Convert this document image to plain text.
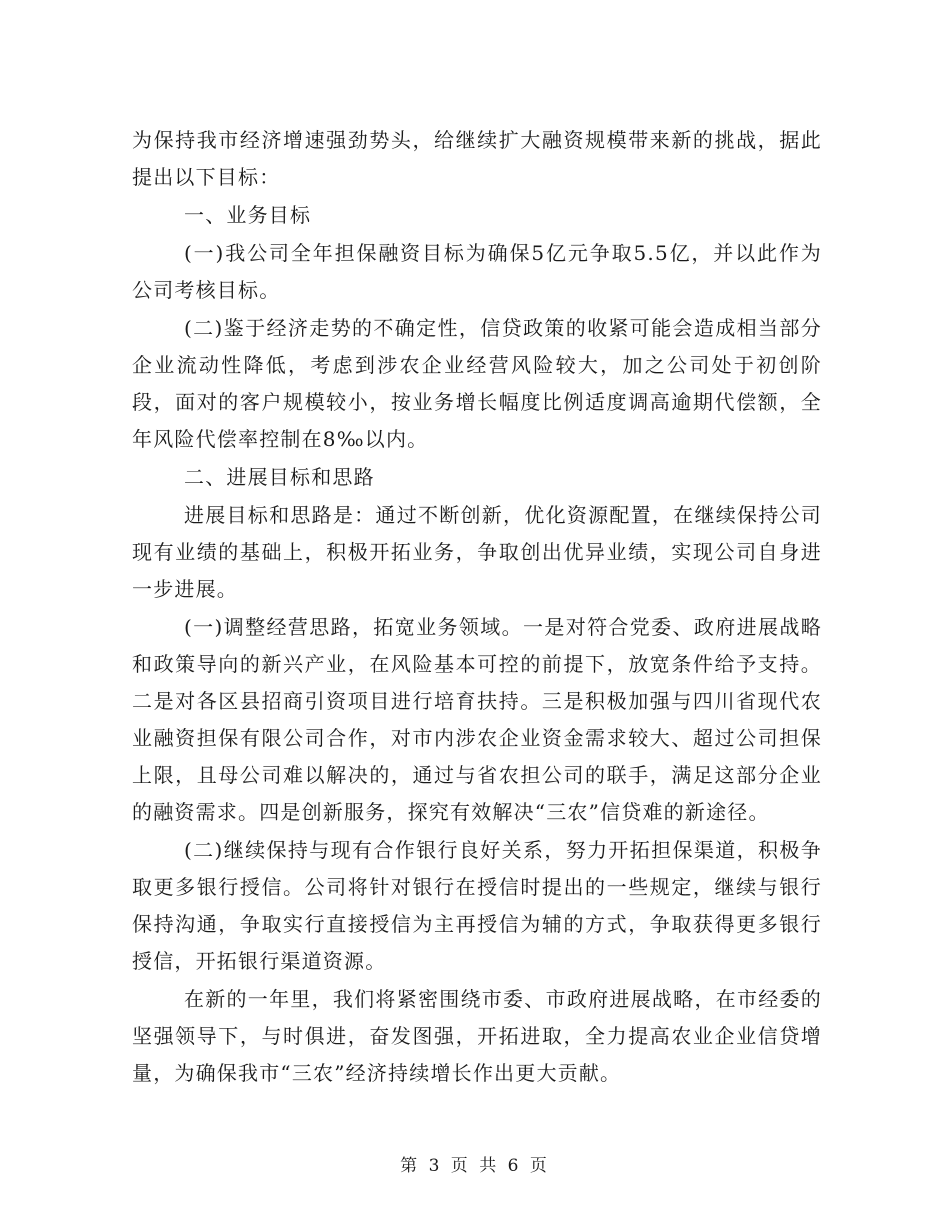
为保持我市经济增速强劲势头，给继续扩大融资规模带来新的挑战，据此提出以下目标：

一、业务目标

(一)我公司全年担保融资目标为确保5亿元争取5.5亿，并以此作为公司考核目标。

(二)鉴于经济走势的不确定性，信贷政策的收紧可能会造成相当部分企业流动性降低，考虑到涉农企业经营风险较大，加之公司处于初创阶段，面对的客户规模较小，按业务增长幅度比例适度调高逾期代偿额，全年风险代偿率控制在8‰以内。

二、进展目标和思路

进展目标和思路是：通过不断创新，优化资源配置，在继续保持公司现有业绩的基础上，积极开拓业务，争取创出优异业绩，实现公司自身进一步进展。

(一)调整经营思路，拓宽业务领域。一是对符合党委、政府进展战略和政策导向的新兴产业，在风险基本可控的前提下，放宽条件给予支持。二是对各区县招商引资项目进行培育扶持。三是积极加强与四川省现代农业融资担保有限公司合作，对市内涉农企业资金需求较大、超过公司担保上限，且母公司难以解决的，通过与省农担公司的联手，满足这部分企业的融资需求。四是创新服务，探究有效解决“三农”信贷难的新途径。

(二)继续保持与现有合作银行良好关系，努力开拓担保渠道，积极争取更多银行授信。公司将针对银行在授信时提出的一些规定，继续与银行保持沟通，争取实行直接授信为主再授信为辅的方式，争取获得更多银行授信，开拓银行渠道资源。

在新的一年里，我们将紧密围绕市委、市政府进展战略，在市经委的坚强领导下，与时俱进，奋发图强，开拓进取，全力提高农业企业信贷增量，为确保我市“三农”经济持续增长作出更大贡献。

第 3 页 共 6 页
